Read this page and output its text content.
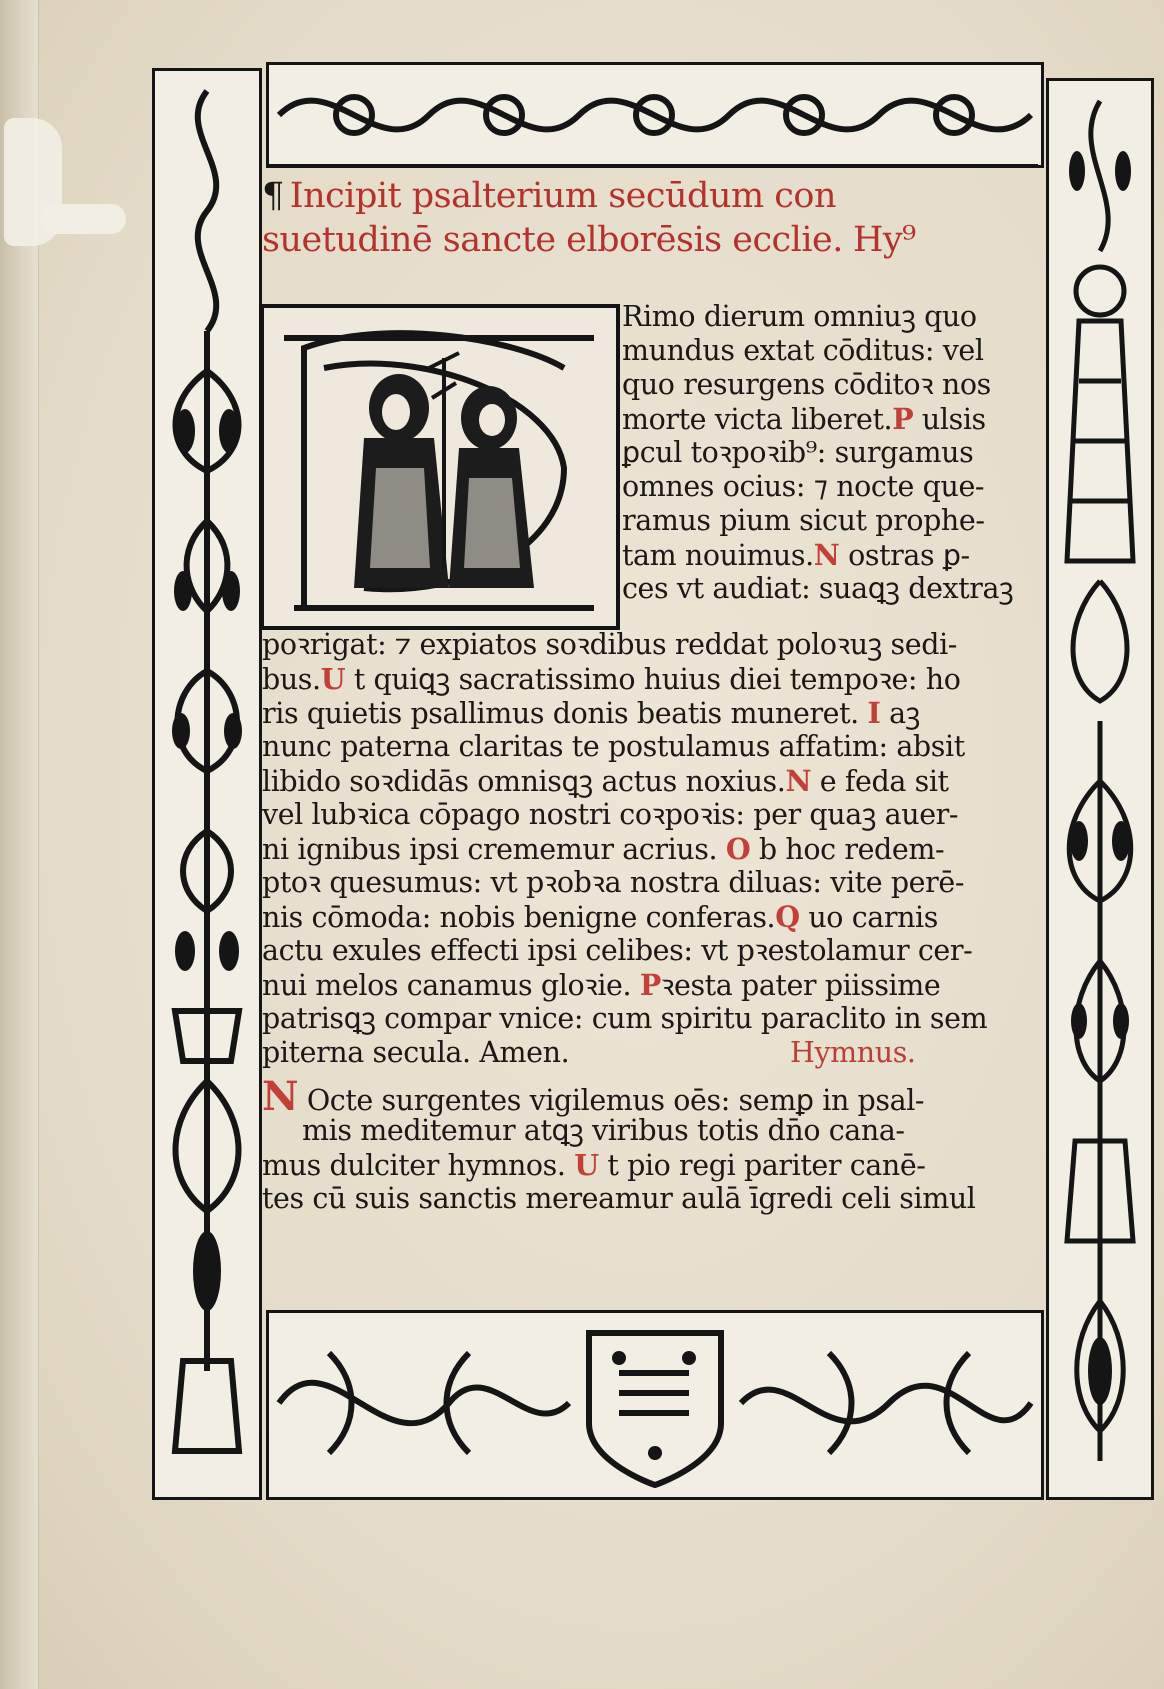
¶ Incipit psalterium secūdum con
suetudinē sancte elborēsis ecclie. Hy⁹
Rimo dierum omniuꝫ quo
mundus extat cōditus: vel
quo resurgens cōditoꝛ nos
morte victa liberet.P ulsis
ꝑcul toꝛpoꝛib⁹: surgamus
omnes ocius: ⁊ nocte que-
ramus pium sicut prophe-
tam nouimus.N ostras ꝑ-
ces vt audiat: suaꝗꝫ dextraꝫ
poꝛrigat: ⁊ expiatos soꝛdibus reddat poloꝛuꝫ sedi-
bus.U t quiꝗꝫ sacratissimo huius diei tempoꝛe: ho
ris quietis psallimus donis beatis muneret. I aꝫ
nunc paterna claritas te postulamus affatim: absit
libido soꝛdidās omnisꝗꝫ actus noxius.N e feda sit
vel lubꝛica cōpago nostri coꝛpoꝛis: per quaꝫ auer-
ni ignibus ipsi crememur acrius. O b hoc redem-
ptoꝛ quesumus: vt pꝛobꝛa nostra diluas: vite perē-
nis cōmoda: nobis benigne conferas.Q uo carnis
actu exules effecti ipsi celibes: vt pꝛestolamur cer-
nui melos canamus gloꝛie. Pꝛesta pater piissime
patrisꝗꝫ compar vnice: cum spiritu paraclito in sem
piterna secula. Amen.	Hymnus.
N Octe surgentes vigilemus oēs: semꝑ in psal-
mis meditemur atꝗꝫ viribus totis dn̄o cana-
mus dulciter hymnos. U t pio regi pariter canē-
tes cū suis sanctis mereamur aulā īgredi celi simul
